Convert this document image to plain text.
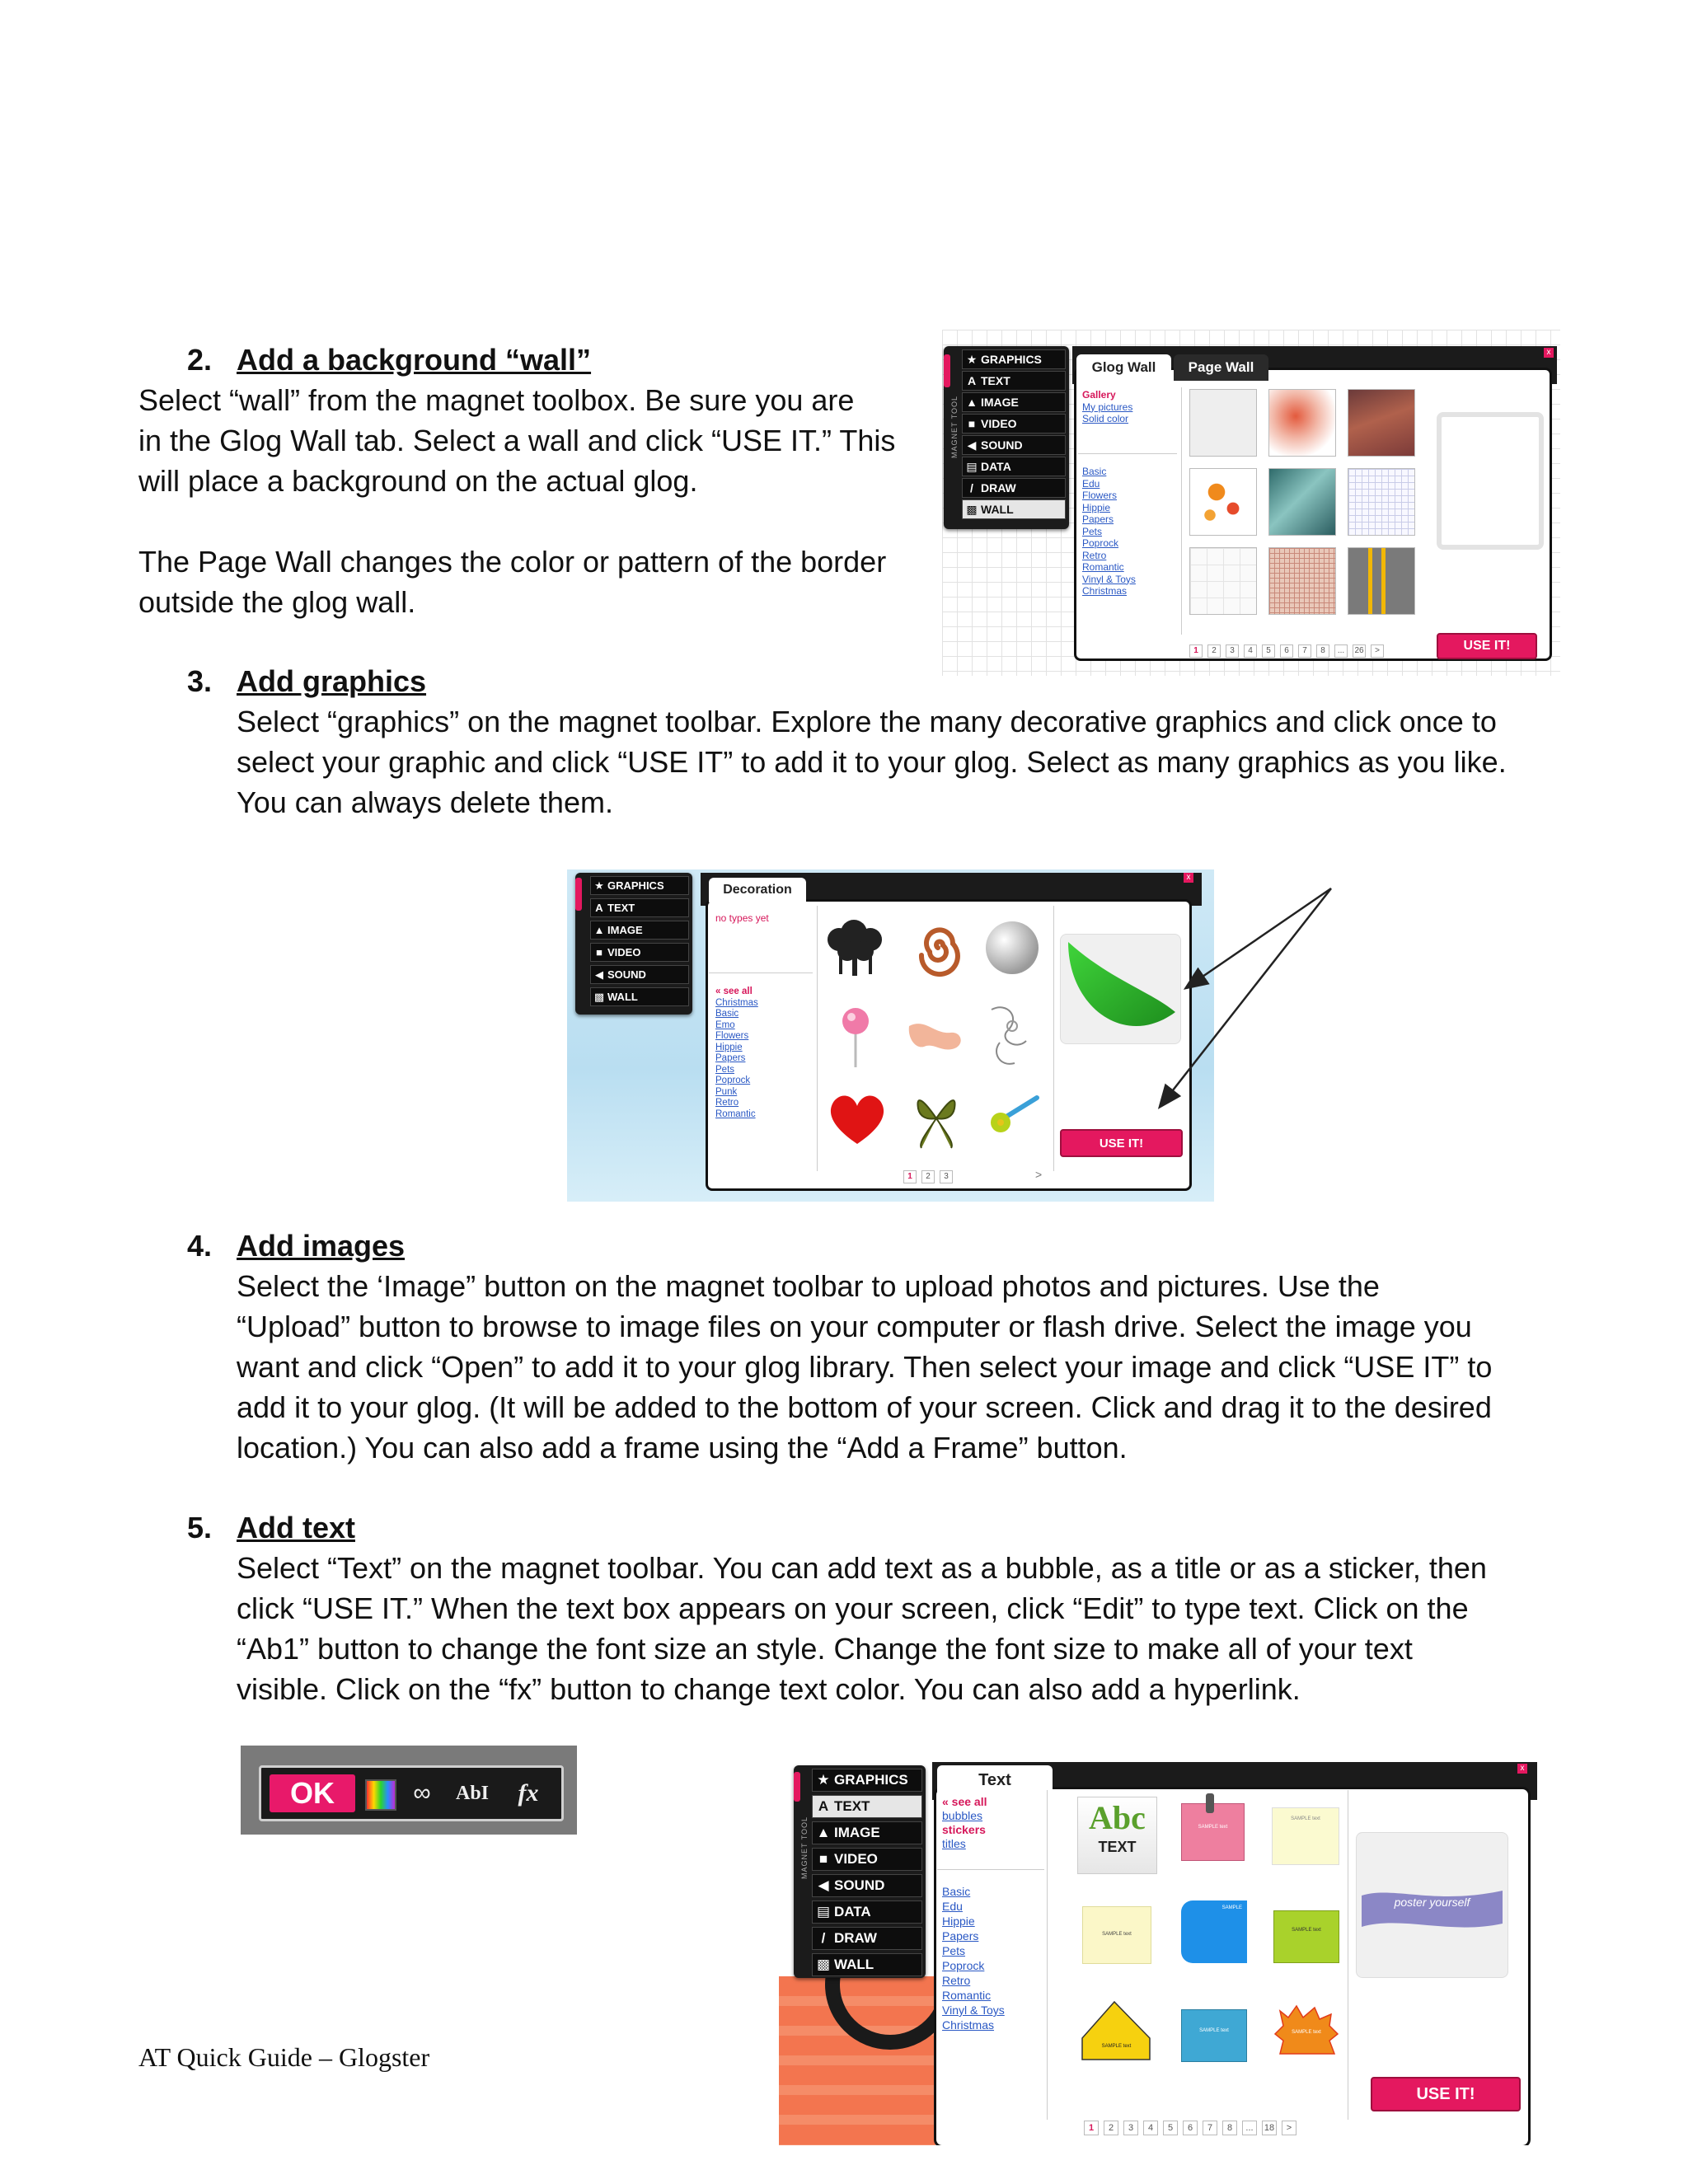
2. Add a background “wall”
Select “wall” from the magnet toolbox. Be sure you are
in the Glog Wall tab. Select a wall and click “USE IT.” This
will place a background on the actual glog.
The Page Wall changes the color or pattern of the border
outside the glog wall.
MAGNET TOOL
★ GRAPHICS
A TEXT
▲ IMAGE
■ VIDEO
◀ SOUND
▤ DATA
/ DRAW
▩ WALL
x
Glog Wall	Page Wall
Gallery
My pictures
Solid color
Basic
Edu
Flowers
Hippie
Papers
Pets
Poprock
Retro
Romantic
Vinyl & Toys
Christmas
1	2	3	4	5	6	7	8	...	26	>	USE IT!
3. Add graphics
Select “graphics” on the magnet toolbar. Explore the many decorative graphics and click once to
select your graphic and click “USE IT” to add it to your glog. Select as many graphics as you like.
You can always delete them.
★ GRAPHICS
A TEXT
▲ IMAGE
■ VIDEO
◀ SOUND
▩ WALL
x
Decoration
no types yet
« see all
Christmas
Basic
Emo
Flowers
Hippie
Papers
Pets
Poprock
Punk
Retro
Romantic
1	2	3	>
USE IT!
4. Add images
Select the ‘Image” button on the magnet toolbar to upload photos and pictures. Use the
“Upload” button to browse to image files on your computer or flash drive. Select the image you
want and click “Open” to add it to your glog library. Then select your image and click “USE IT” to
add it to your glog. (It will be added to the bottom of your screen. Click and drag it to the desired
location.) You can also add a frame using the “Add a Frame” button.
5. Add text
Select “Text” on the magnet toolbar. You can add text as a bubble, as a title or as a sticker, then
click “USE IT.” When the text box appears on your screen, click “Edit” to type text. Click on the
“Ab1” button to change the font size an style. Change the font size to make all of your text
visible. Click on the “fx” button to change text color. You can also add a hyperlink.
OK	∞	AbI	fx
MAGNET TOOL
★ GRAPHICS
A TEXT
▲ IMAGE
■ VIDEO
◀ SOUND
▤ DATA
/ DRAW
▩ WALL
x
Text
« see all
bubbles
stickers
titles
Basic
Edu
Hippie
Papers
Pets
Poprock
Retro
Romantic
Vinyl & Toys
Christmas
Abc
TEXT
SAMPLE text
SAMPLE text
SAMPLE text
SAMPLE
SAMPLE text
SAMPLE text
SAMPLE text	SAMPLE text
poster yourself
1	2	3	4	5	6	7	8	...	18	>
USE IT!
AT Quick Guide – Glogster
